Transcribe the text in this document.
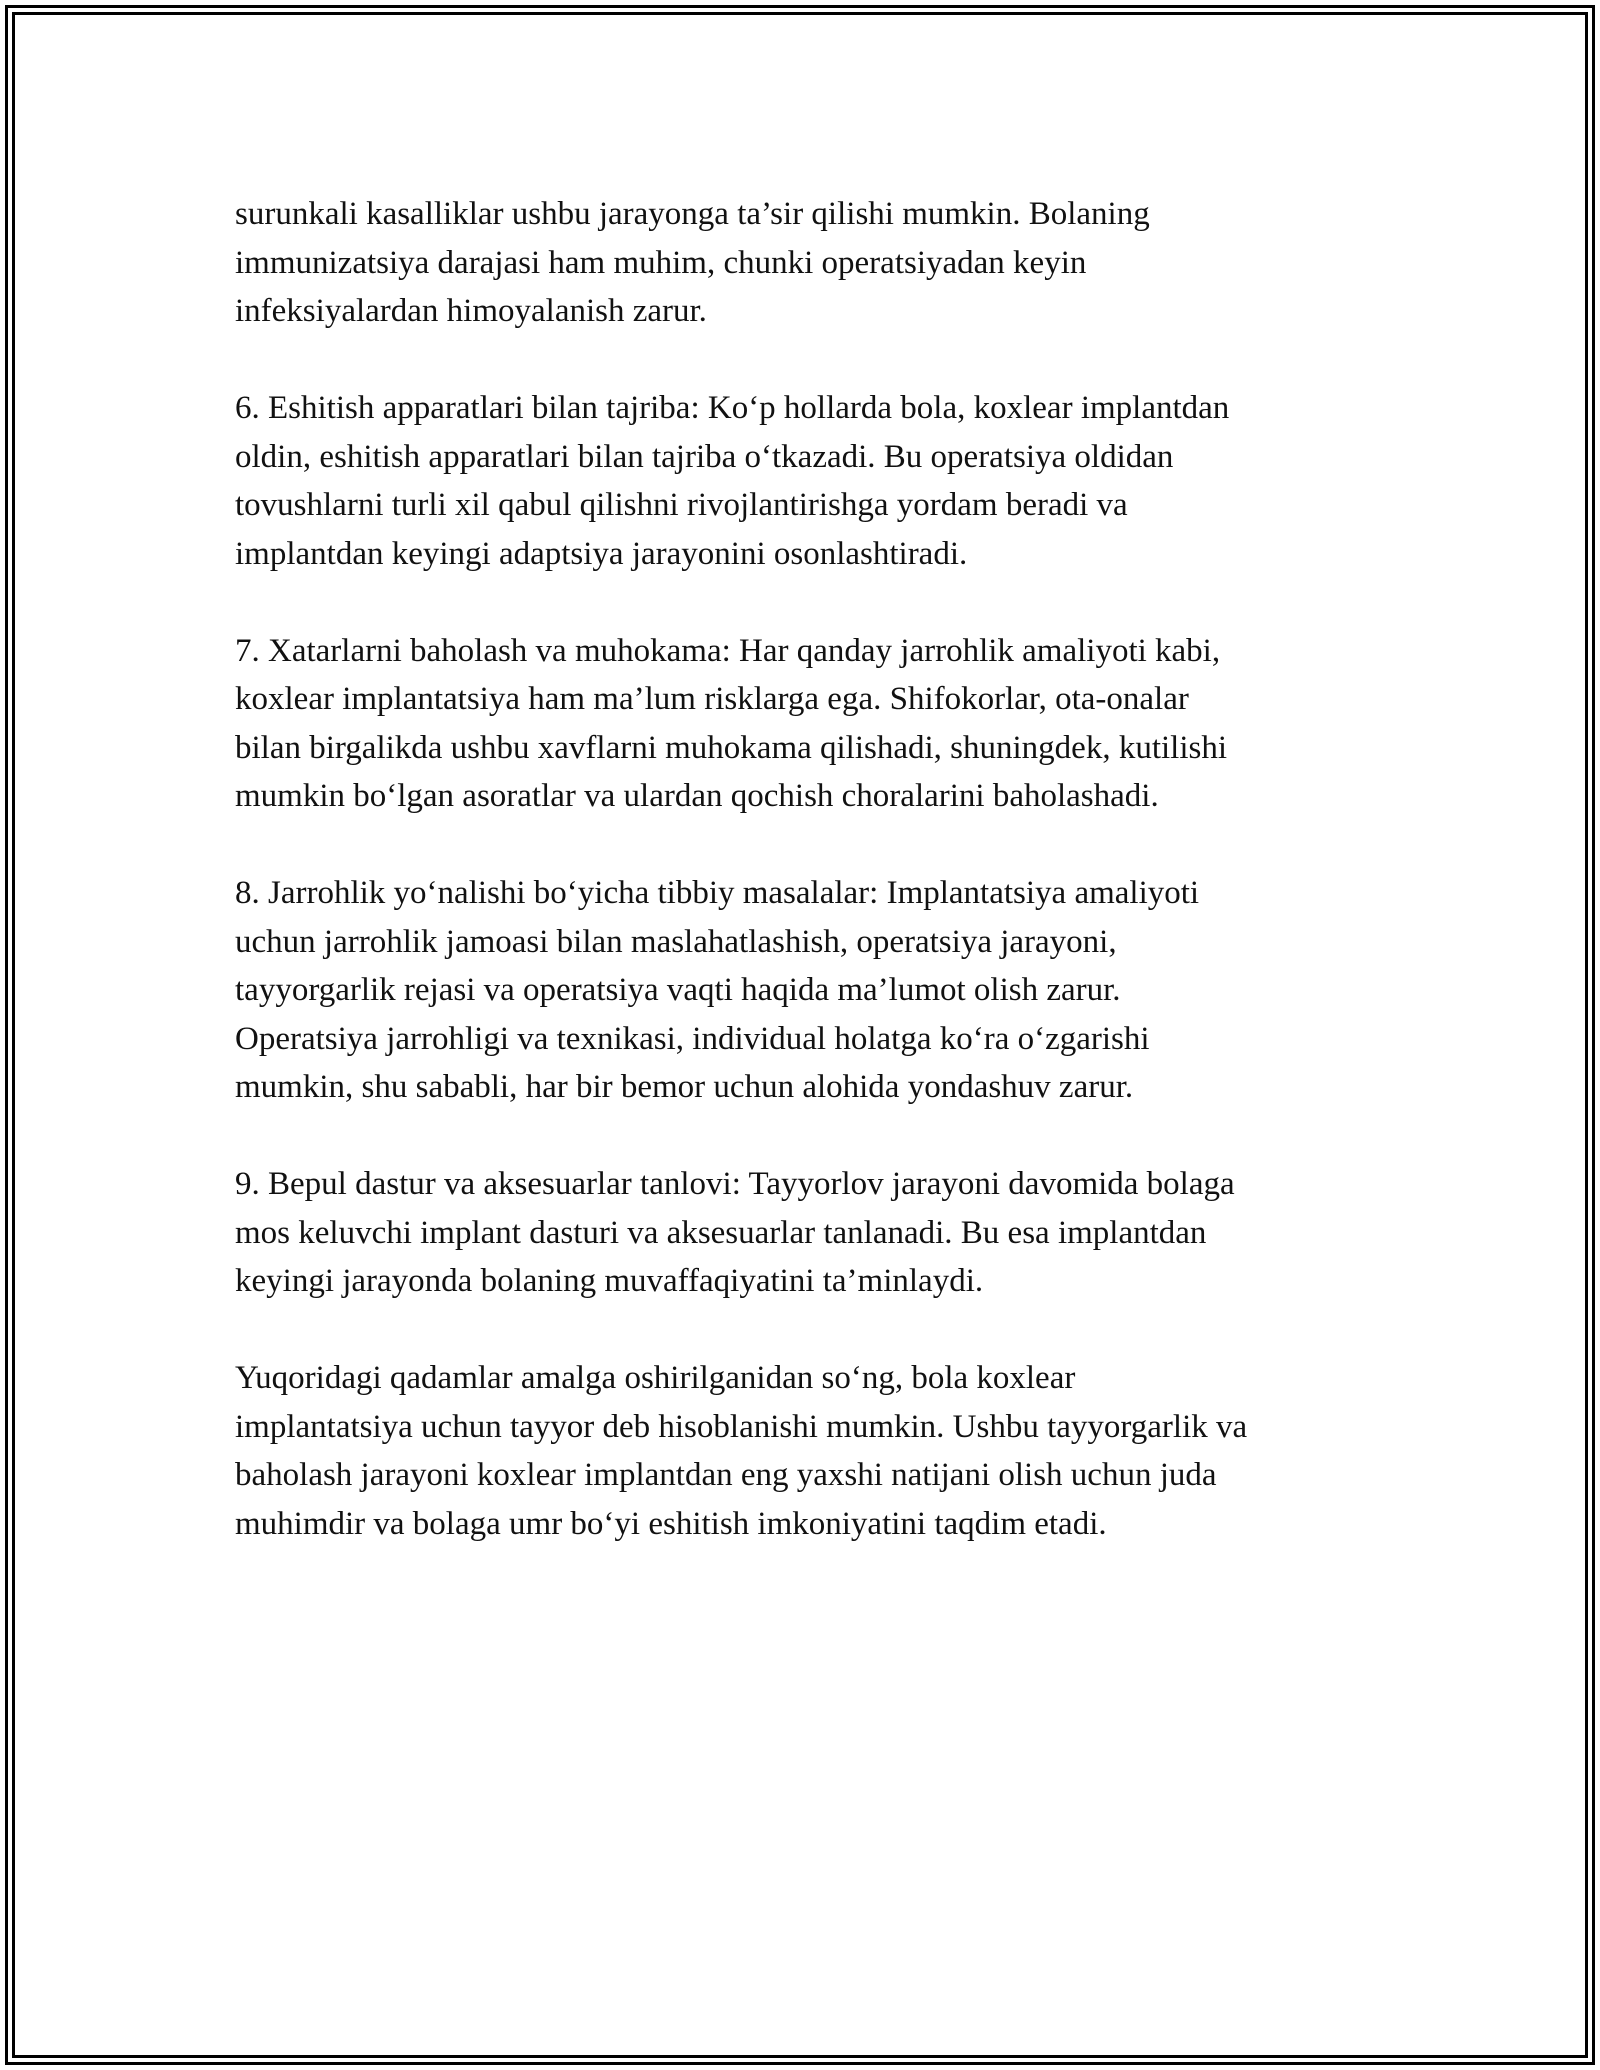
surunkali kasalliklar ushbu jarayonga ta’sir qilishi mumkin. Bolaning
immunizatsiya darajasi ham muhim, chunki operatsiyadan keyin
infeksiyalardan himoyalanish zarur.

6. Eshitish apparatlari bilan tajriba: Ko‘p hollarda bola, koxlear implantdan
oldin, eshitish apparatlari bilan tajriba o‘tkazadi. Bu operatsiya oldidan
tovushlarni turli xil qabul qilishni rivojlantirishga yordam beradi va
implantdan keyingi adaptsiya jarayonini osonlashtiradi.

7. Xatarlarni baholash va muhokama: Har qanday jarrohlik amaliyoti kabi,
koxlear implantatsiya ham ma’lum risklarga ega. Shifokorlar, ota-onalar
bilan birgalikda ushbu xavflarni muhokama qilishadi, shuningdek, kutilishi
mumkin bo‘lgan asoratlar va ulardan qochish choralarini baholashadi.

8. Jarrohlik yo‘nalishi bo‘yicha tibbiy masalalar: Implantatsiya amaliyoti
uchun jarrohlik jamoasi bilan maslahatlashish, operatsiya jarayoni,
tayyorgarlik rejasi va operatsiya vaqti haqida ma’lumot olish zarur.
Operatsiya jarrohligi va texnikasi, individual holatga ko‘ra o‘zgarishi
mumkin, shu sababli, har bir bemor uchun alohida yondashuv zarur.

9. Bepul dastur va aksesuarlar tanlovi: Tayyorlov jarayoni davomida bolaga
mos keluvchi implant dasturi va aksesuarlar tanlanadi. Bu esa implantdan
keyingi jarayonda bolaning muvaffaqiyatini ta’minlaydi.

Yuqoridagi qadamlar amalga oshirilganidan so‘ng, bola koxlear
implantatsiya uchun tayyor deb hisoblanishi mumkin. Ushbu tayyorgarlik va
baholash jarayoni koxlear implantdan eng yaxshi natijani olish uchun juda
muhimdir va bolaga umr bo‘yi eshitish imkoniyatini taqdim etadi.
